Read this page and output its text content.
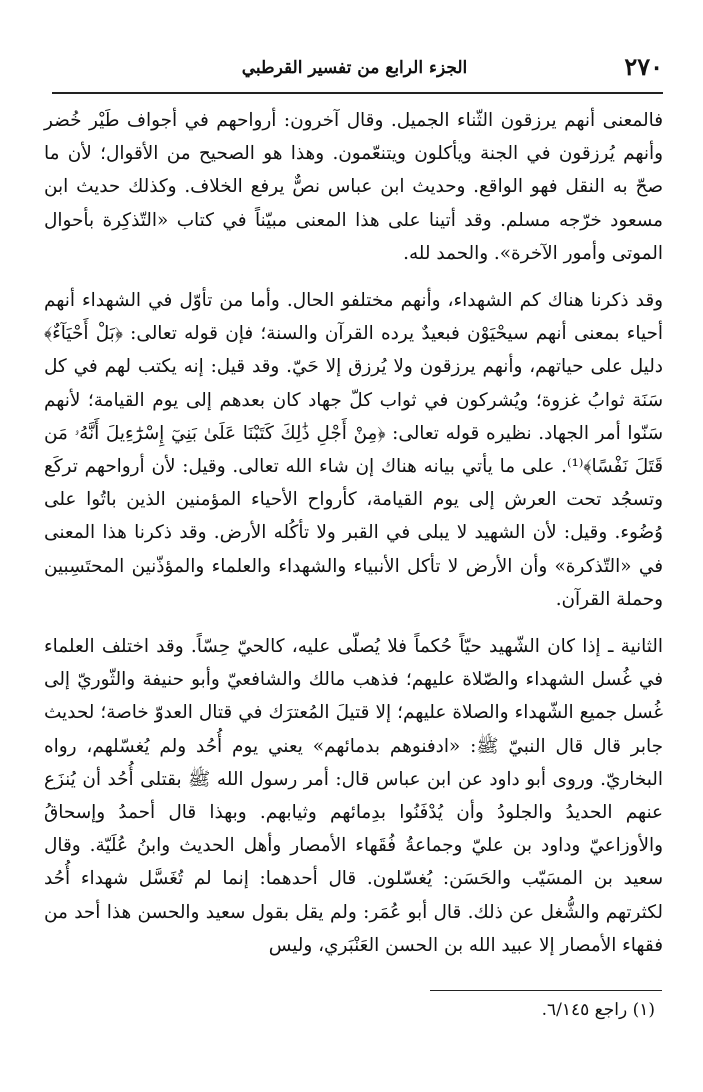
٢٧٠
الجزء الرابع من تفسير القرطبي

فالمعنى أنهم يرزقون الثّناء الجميل. وقال آخرون: أرواحهم في أجواف طَيْر خُضر وأنهم يُرزقون في الجنة ويأكلون ويتنعّمون. وهذا هو الصحيح من الأقوال؛ لأن ما صحّ به النقل فهو الواقع. وحديث ابن عباس نصٌّ يرفع الخلاف. وكذلك حديث ابن مسعود خرّجه مسلم. وقد أتينا على هذا المعنى مبيّناً في كتاب «التّذكِرة بأحوال الموتى وأمور الآخرة». والحمد لله.

وقد ذكرنا هناك كم الشهداء، وأنهم مختلفو الحال. وأما من تأوّل في الشهداء أنهم أحياء بمعنى أنهم سيحْيَوْن فبعيدٌ يرده القرآن والسنة؛ فإن قوله تعالى: ﴿بَلْ أَحْيَآءٌ﴾ دليل على حياتهم، وأنهم يرزقون ولا يُرزق إلا حَيّ. وقد قيل: إنه يكتب لهم في كل سَنَة ثوابُ غزوة؛ ويُشركون في ثواب كلّ جهاد كان بعدهم إلى يوم القيامة؛ لأنهم سَنّوا أمر الجهاد. نظيره قوله تعالى: ﴿مِنْ أَجْلِ ذَٰلِكَ كَتَبْنَا عَلَىٰ بَنِيٓ إِسْرَٰٓءِيلَ أَنَّهُۥ مَن قَتَلَ نَفْسًا﴾⁽¹⁾. على ما يأتي بيانه هناك إن شاء الله تعالى. وقيل: لأن أرواحهم تركَع وتسجُد تحت العرش إلى يوم القيامة، كأرواح الأحياء المؤمنين الذين باتُوا على وُضُوء. وقيل: لأن الشهيد لا يبلى في القبر ولا تأكُله الأرض. وقد ذكرنا هذا المعنى في «التّذكرة» وأن الأرض لا تأكل الأنبياء والشهداء والعلماء والمؤذّنين المحتَسِبين وحملة القرآن.

الثانية ـ إذا كان الشّهيد حيّاً حُكماً فلا يُصلّى عليه، كالحيّ حِسّاً. وقد اختلف العلماء في غُسل الشهداء والصّلاة عليهم؛ فذهب مالك والشافعيّ وأبو حنيفة والثّوريّ إلى غُسل جميع الشّهداء والصلاة عليهم؛ إلا قتيلَ المُعترَك في قتال العدوّ خاصة؛ لحديث جابر قال قال النبيّ ﷺ: «ادفنوهم بدمائهم» يعني يوم أُحُد ولم يُغسّلهم، رواه البخاريّ. وروى أبو داود عن ابن عباس قال: أمر رسول الله ﷺ بقتلى أُحُد أن يُنزَع عنهم الحديدُ والجلودُ وأن يُدْفَنُوا بدِمائهم وثيابهم. وبهذا قال أحمدُ وإسحاقُ والأوزاعيّ وداود بن عليّ وجماعةُ فُقَهاء الأمصار وأهل الحديث وابنُ عُلَيّة. وقال سعيد بن المسَيّب والحَسَن: يُغسّلون. قال أحدهما: إنما لم تُغَسَّل شهداء أُحُد لكثرتهم والشُّغل عن ذلك. قال أبو عُمَر: ولم يقل بقول سعيد والحسن هذا أحد من فقهاء الأمصار إلا عبيد الله بن الحسن العَنْبَري، وليس

(١) راجع ٦/١٤٥.
